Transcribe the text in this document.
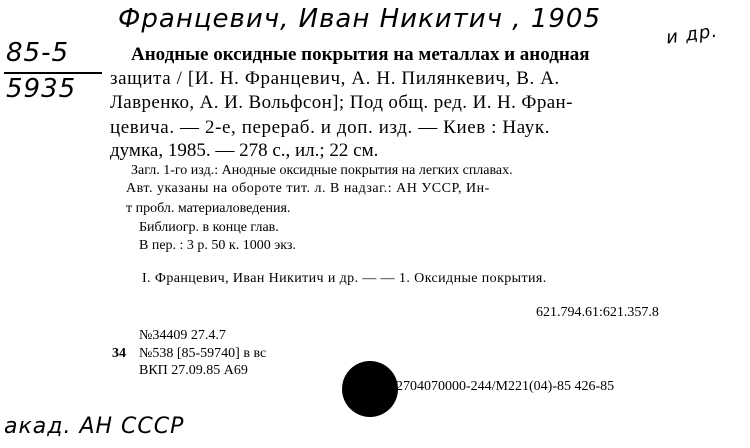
Францевич, Иван Никитич , 1905
и др.
85-5
5935
Анодные оксидные покрытия на металлах и анодная
защита / [И. Н. Францевич, А. Н. Пилянкевич, В. А.
Лавренко, А. И. Вольфсон]; Под общ. ред. И. Н. Фран-
цевича. — 2-е, перераб. и доп. изд. — Киев : Наук.
думка, 1985. — 278 с., ил.; 22 см.
Загл. 1-го изд.: Анодные оксидные покрытия на легких сплавах.
Авт. указаны на обороте тит. л. В надзаг.: АН УССР, Ин-
т пробл. материаловедения.
Библиогр. в конце глав.
В пер. : 3 р. 50 к. 1000 экз.
I. Францевич, Иван Никитич и др. — — 1. Оксидные покрытия.
621.794.61:621.357.8
№34409 27.4.7
34 №538 [85-59740] в вс
ВКП 27.09.85 А69
2704070000-244/М221(04)-85 426-85
акад. АН СССР
